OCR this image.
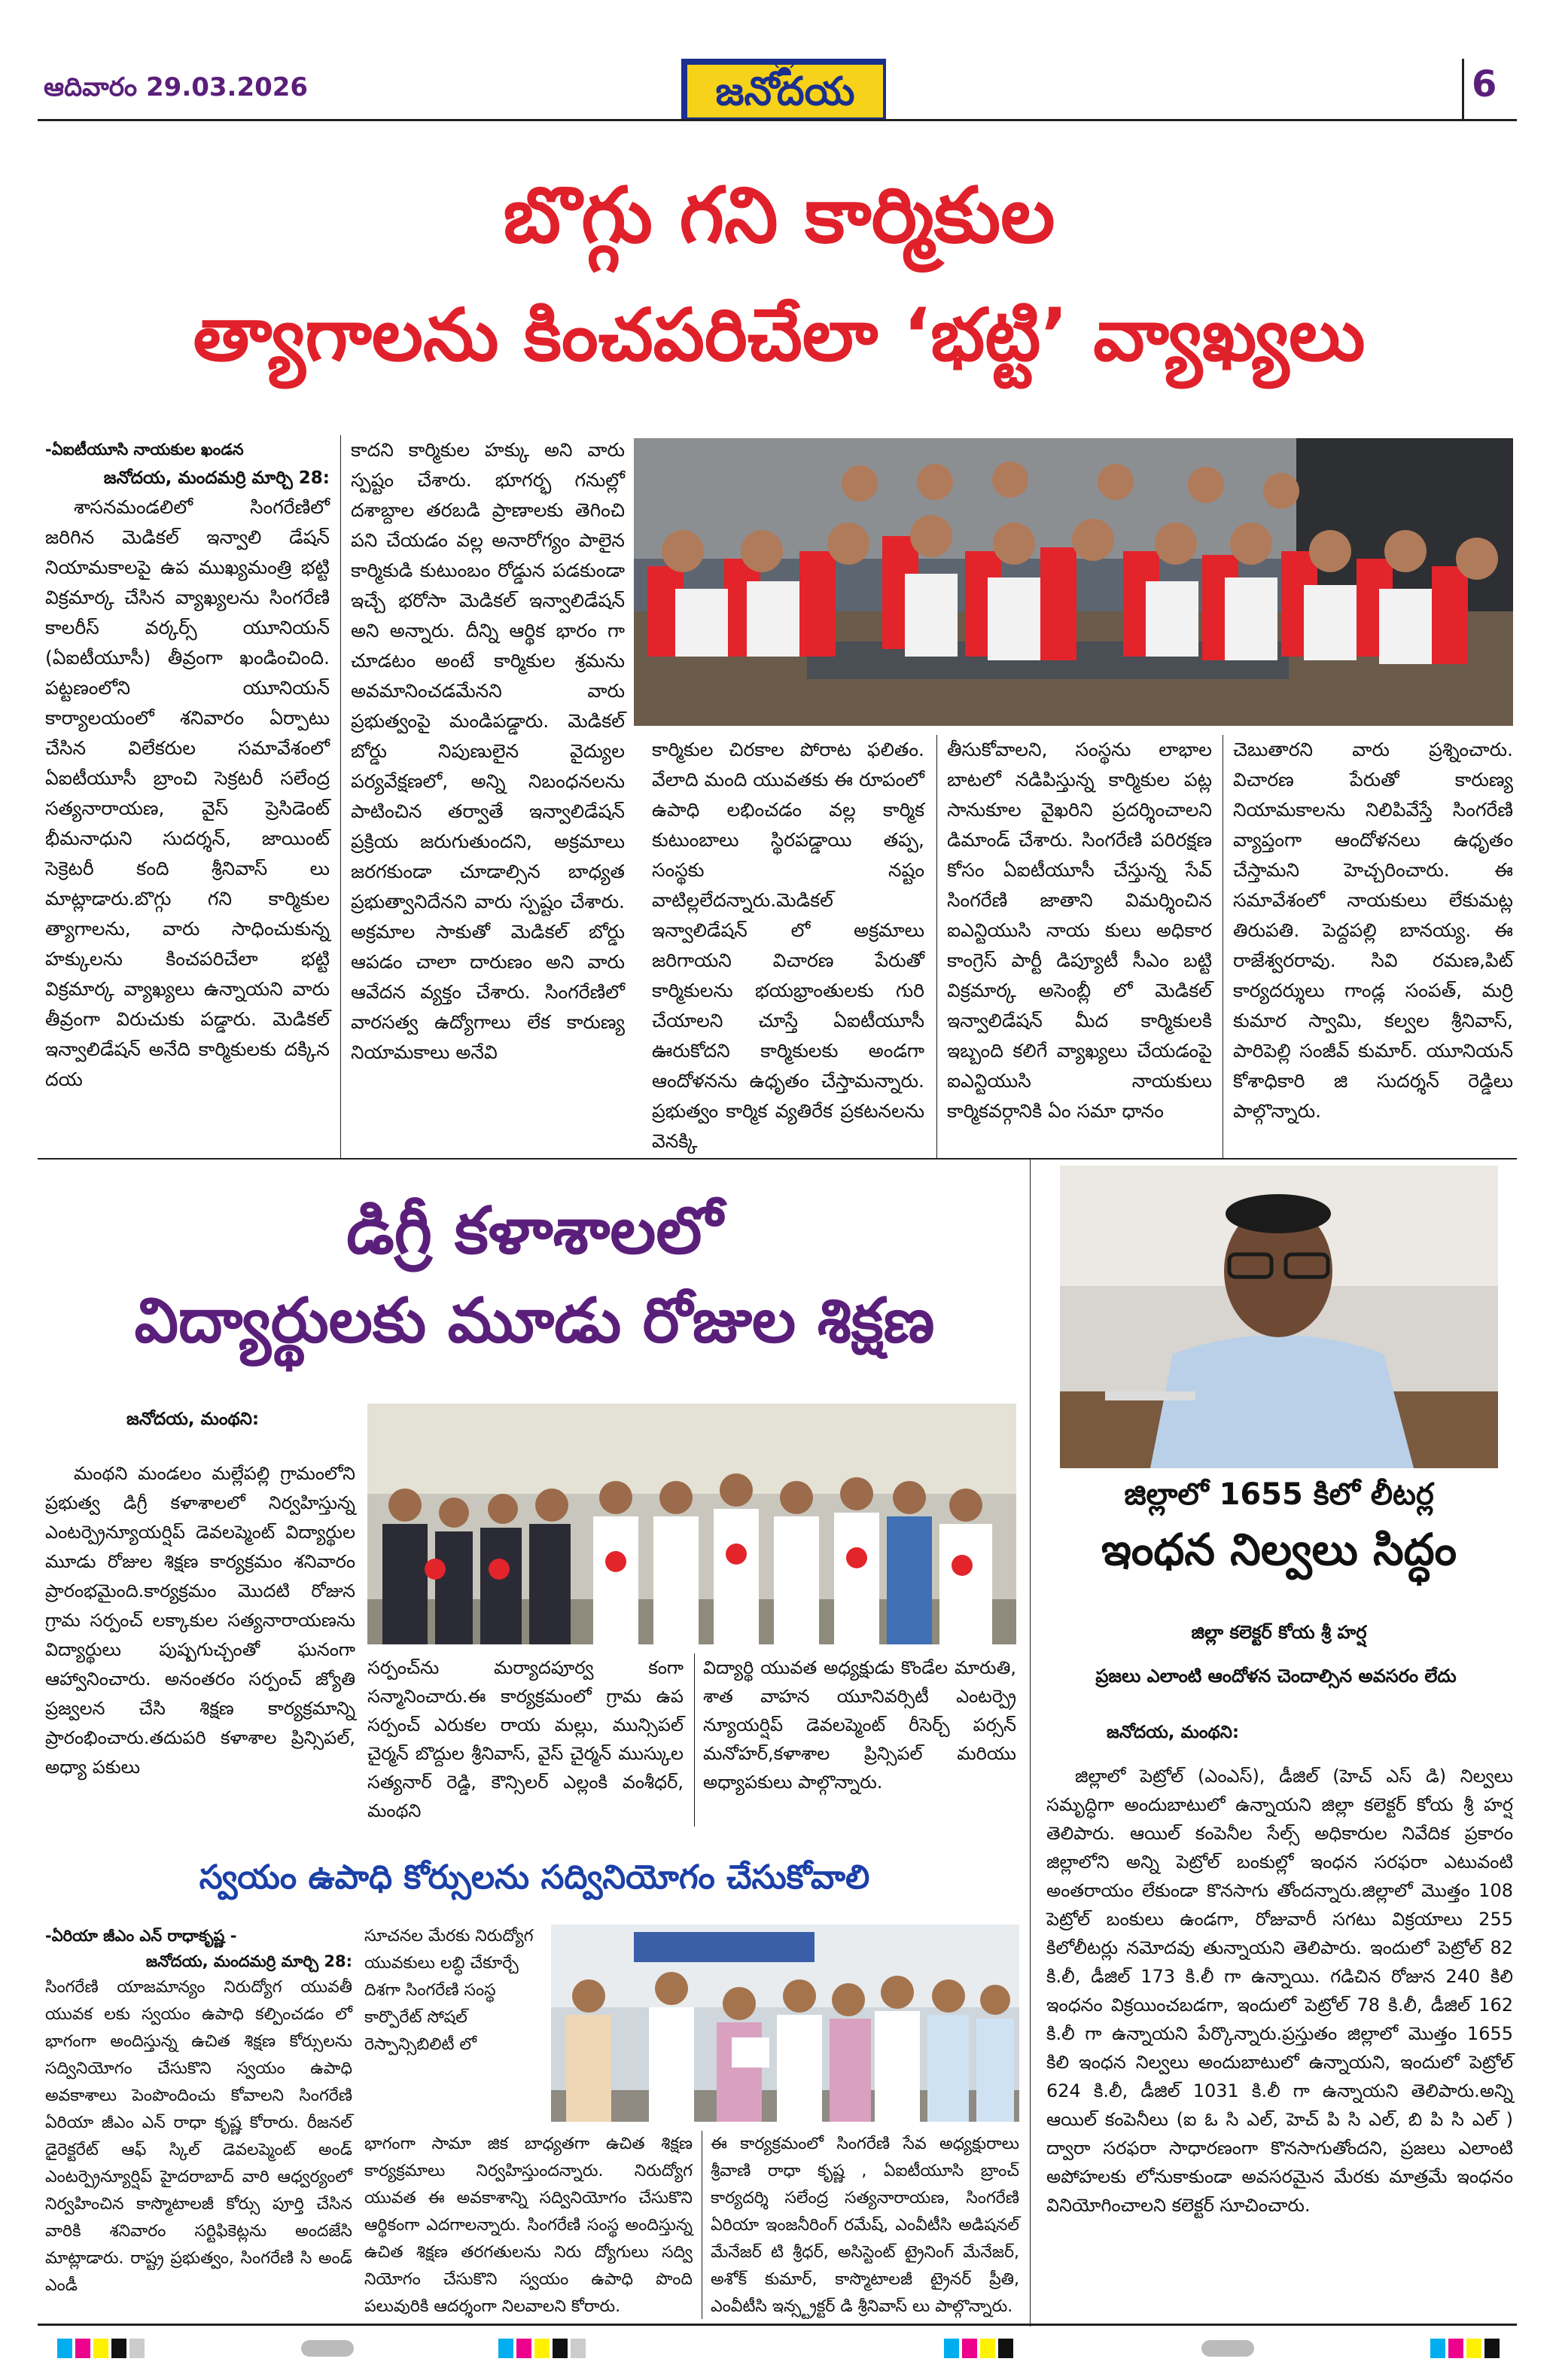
ఆదివారం 29.03.2026	జనోదయ	6
బొగ్గు గని కార్మికుల
త్యాగాలను కించపరిచేలా ‘భట్టి’ వ్యాఖ్యలు
-ఏఐటీయూసి నాయకుల ఖండన
జనోదయ, మందమర్రి మార్చి 28:

శాసనమండలిలో సింగరేణిలో జరిగిన మెడికల్ ఇన్వాలి డేషన్ నియామకాలపై ఉప ముఖ్యమంత్రి భట్టి విక్రమార్క చేసిన వ్యాఖ్యలను సింగరేణి కాలరీస్ వర్కర్స్ యూనియన్ (ఏఐటీయూసీ) తీవ్రంగా ఖండించింది. పట్టణంలోని యూనియన్ కార్యాలయంలో శనివారం ఏర్పాటు చేసిన విలేకరుల సమావేశంలో ఏఐటీయూసీ బ్రాంచి సెక్రటరీ సలేంద్ర సత్యనారాయణ, వైస్ ప్రెసిడెంట్ భీమనాధుని సుదర్శన్, జాయింట్ సెక్రెటరీ కంది శ్రీనివాస్ లు మాట్లాడారు.బొగ్గు గని కార్మికుల త్యాగాలను, వారు సాధించుకున్న హక్కులను కించపరిచేలా భట్టి విక్రమార్క వ్యాఖ్యలు ఉన్నాయని వారు తీవ్రంగా విరుచుకు పడ్డారు. మెడికల్ ఇన్వాలిడేషన్ అనేది కార్మికులకు దక్కిన దయ

కాదని కార్మికుల హక్కు అని వారు స్పష్టం చేశారు. భూగర్భ గనుల్లో దశాబ్దాల తరబడి ప్రాణాలకు తెగించి పని చేయడం వల్ల అనారోగ్యం పాలైన కార్మికుడి కుటుంబం రోడ్డున పడకుండా ఇచ్చే భరోసా మెడికల్ ఇన్వాలిడేషన్ అని అన్నారు. దీన్ని ఆర్థిక భారం గా చూడటం అంటే కార్మికుల శ్రమను అవమానించడమేనని వారు ప్రభుత్వంపై మండిపడ్డారు. మెడికల్ బోర్డు నిపుణులైన వైద్యుల పర్యవేక్షణలో, అన్ని నిబంధనలను పాటించిన తర్వాతే ఇన్వాలిడేషన్ ప్రక్రియ జరుగుతుందని, అక్రమాలు జరగకుండా చూడాల్సిన బాధ్యత ప్రభుత్వానిదేనని వారు స్పష్టం చేశారు. అక్రమాల సాకుతో మెడికల్ బోర్డు ఆపడం చాలా దారుణం అని వారు ఆవేదన వ్యక్తం చేశారు. సింగరేణిలో వారసత్వ ఉద్యోగాలు లేక కారుణ్య నియామకాలు అనేవి

కార్మికుల చిరకాల పోరాట ఫలితం. వేలాది మంది యువతకు ఈ రూపంలో ఉపాధి లభించడం వల్ల కార్మిక కుటుంబాలు స్థిరపడ్డాయి తప్ప, సంస్థకు నష్టం వాటిల్లలేదన్నారు.మెడికల్ ఇన్వాలిడేషన్ లో అక్రమాలు జరిగాయని విచారణ పేరుతో కార్మికులను భయభ్రాంతులకు గురి చేయాలని చూస్తే ఏఐటీయూసీ ఊరుకోదని కార్మికులకు అండగా ఆందోళనను ఉధృతం చేస్తామన్నారు. ప్రభుత్వం కార్మిక వ్యతిరేక ప్రకటనలను వెనక్కి

తీసుకోవాలని, సంస్థను లాభాల బాటలో నడిపిస్తున్న కార్మికుల పట్ల సానుకూల వైఖరిని ప్రదర్శించాలని డిమాండ్ చేశారు. సింగరేణి పరిరక్షణ కోసం ఏఐటీయూసీ చేస్తున్న సేవ్ సింగరేణి జాతాని విమర్శించిన ఐఎన్టియుసి నాయ కులు అధికార కాంగ్రెస్ పార్టీ డిప్యూటీ సీఎం బట్టి విక్రమార్క అసెంబ్లీ లో మెడికల్ ఇన్వాలిడేషన్ మీద కార్మికులకి ఇబ్బంది కలిగే వ్యాఖ్యలు చేయడంపై ఐఎన్టియుసి నాయకులు కార్మికవర్గానికి ఏం సమా ధానం

చెబుతారని వారు ప్రశ్నించారు. విచారణ పేరుతో కారుణ్య నియామకాలను నిలిపివేస్తే సింగరేణి వ్యాప్తంగా ఆందోళనలు ఉధృతం చేస్తామని హెచ్చరించారు. ఈ సమావేశంలో నాయకులు లేకుమట్ల తిరుపతి. పెద్దపల్లి బానయ్య. ఈ రాజేశ్వరరావు. సివి రమణ,పిట్ కార్యదర్శులు గాండ్ల సంపత్, మర్రి కుమార స్వామి, కల్వల శ్రీనివాస్, పారిపెల్లి సంజీవ్ కుమార్. యూనియన్ కోశాధికారి జి సుదర్శన్ రెడ్డిలు పాల్గొన్నారు.

డిగ్రీ కళాశాలలో
విద్యార్థులకు మూడు రోజుల శిక్షణ
జనోదయ, మంథని:

మంథని మండలం మల్లేపల్లి గ్రామంలోని ప్రభుత్వ డిగ్రీ కళాశాలలో నిర్వహిస్తున్న ఎంటర్ప్రెన్యూయర్షిప్ డెవలప్మెంట్ విద్యార్థుల మూడు రోజుల శిక్షణ కార్యక్రమం శనివారం ప్రారంభమైంది.కార్యక్రమం మొదటి రోజున గ్రామ సర్పంచ్ లక్కాకుల సత్యనారాయణను విద్యార్థులు పుష్పగుచ్చంతో ఘనంగా ఆహ్వానించారు. అనంతరం సర్పంచ్ జ్యోతి ప్రజ్వలన చేసి శిక్షణ కార్యక్రమాన్ని ప్రారంభించారు.తదుపరి కళాశాల ప్రిన్సిపల్, అధ్యా పకులు

సర్పంచ్‌ను మర్యాదపూర్వ కంగా సన్మానించారు.ఈ కార్యక్రమంలో గ్రామ ఉప సర్పంచ్ ఎరుకల రాయ మల్లు, మున్సిపల్ చైర్మన్ బొద్దుల శ్రీనివాస్, వైస్ చైర్మన్ ముస్కుల సత్యనార్ రెడ్డి, కౌన్సిలర్ ఎల్లంకి వంశీధర్, మంథని

విద్యార్థి యువత అధ్యక్షుడు కొండేల మారుతి, శాత వాహన యూనివర్సిటీ ఎంటర్ప్రె న్యూయర్షిప్ డెవలప్మెంట్ రీసెర్చ్ పర్సన్ మనోహర్,కళాశాల ప్రిన్సిపల్ మరియు అధ్యాపకులు పాల్గొన్నారు.

జిల్లాలో 1655 కిలో లీటర్ల
ఇంధన నిల్వలు సిద్ధం
జిల్లా కలెక్టర్ కోయ శ్రీ హర్ష
ప్రజలు ఎలాంటి ఆందోళన చెందాల్సిన అవసరం లేదు
జనోదయ, మంథని:

జిల్లాలో పెట్రోల్ (ఎంఎస్), డీజిల్ (హెచ్ ఎస్ డి) నిల్వలు సమృద్ధిగా అందుబాటులో ఉన్నాయని జిల్లా కలెక్టర్ కోయ శ్రీ హర్ష తెలిపారు. ఆయిల్ కంపెనీల సేల్స్ అధికారుల నివేదిక ప్రకారం జిల్లాలోని అన్ని పెట్రోల్ బంకుల్లో ఇంధన సరఫరా ఎటువంటి అంతరాయం లేకుండా కొనసాగు తోందన్నారు.జిల్లాలో మొత్తం 108 పెట్రోల్ బంకులు ఉండగా, రోజువారీ సగటు విక్రయాలు 255 కిలోలీటర్లు నమోదవు తున్నాయని తెలిపారు. ఇందులో పెట్రోల్ 82 కి.లీ, డీజిల్ 173 కి.లీ గా ఉన్నాయి. గడిచిన రోజున 240 కిలి ఇంధనం విక్రయించబడగా, ఇందులో పెట్రోల్ 78 కి.లీ, డీజిల్ 162 కి.లీ గా ఉన్నాయని పేర్కొన్నారు.ప్రస్తుతం జిల్లాలో మొత్తం 1655 కిలి ఇంధన నిల్వలు అందుబాటులో ఉన్నాయని, ఇందులో పెట్రోల్ 624 కి.లీ, డీజిల్ 1031 కి.లీ గా ఉన్నాయని తెలిపారు.అన్ని ఆయిల్ కంపెనీలు (ఐ ఓ సి ఎల్, హెచ్ పి సి ఎల్, బి పి సి ఎల్ ) ద్వారా సరఫరా సాధారణంగా కొనసాగుతోందని, ప్రజలు ఎలాంటి అపోహలకు లోనుకాకుండా అవసరమైన మేరకు మాత్రమే ఇంధనం వినియోగించాలని కలెక్టర్ సూచించారు.

స్వయం ఉపాధి కోర్సులను సద్వినియోగం చేసుకోవాలి
-ఏరియా జీఎం ఎన్ రాధాకృష్ణ -
జనోదయ, మందమర్రి మార్చి 28:

సింగరేణి యాజమాన్యం నిరుద్యోగ యువతీ యువక లకు స్వయం ఉపాధి కల్పించడం లో భాగంగా అందిస్తున్న ఉచిత శిక్షణ కోర్సులను సద్వినియోగం చేసుకొని స్వయం ఉపాధి అవకాశాలు పెంపొందించు కోవాలని సింగరేణి ఏరియా జీఎం ఎన్ రాధా కృష్ణ కోరారు. రీజనల్ డైరెక్టరేట్ ఆఫ్ స్కిల్ డెవలప్మెంట్ అండ్ ఎంటర్ప్రెన్యూర్షిప్ హైదరాబాద్ వారి ఆధ్వర్యంలో నిర్వహించిన కాస్మొటాలజీ కోర్సు పూర్తి చేసిన వారికి శనివారం సర్టిఫికెట్లను అందజేసి మాట్లాడారు. రాష్ట్ర ప్రభుత్వం, సింగరేణి సి అండ్ ఎండీ

సూచనల మేరకు నిరుద్యోగ యువకులు లబ్ధి చేకూర్చే దిశగా సింగరేణి సంస్థ కార్పొరేట్ సోషల్ రెస్పాన్సిబిలిటీ లో

భాగంగా సామా జిక బాధ్యతగా ఉచిత శిక్షణ కార్యక్రమాలు నిర్వహిస్తుందన్నారు. నిరుద్యోగ యువత ఈ అవకాశాన్ని సద్వినియోగం చేసుకొని ఆర్థికంగా ఎదగాలన్నారు. సింగరేణి సంస్థ అందిస్తున్న ఉచిత శిక్షణ తరగతులను నిరు ద్యోగులు సద్వి నియోగం చేసుకొని స్వయం ఉపాధి పొంది పలువురికి ఆదర్శంగా నిలవాలని కోరారు.

ఈ కార్యక్రమంలో సింగరేణి సేవ అధ్యక్షురాలు శ్రీవాణి రాధా కృష్ణ , ఏఐటీయూసి బ్రాంచ్ కార్యదర్శి సలేంద్ర సత్యనారాయణ, సింగరేణి ఏరియా ఇంజనీరింగ్ రమేష్, ఎంవీటీసి అడిషనల్ మేనేజర్ టి శ్రీధర్, అసిస్టెంట్ ట్రైనింగ్ మేనేజర్, అశోక్ కుమార్, కాస్మొటాలజీ ట్రైనర్ ప్రీతి, ఎంవీటీసి ఇన్స్ట్రక్టర్ డి శ్రీనివాస్ లు పాల్గొన్నారు.
